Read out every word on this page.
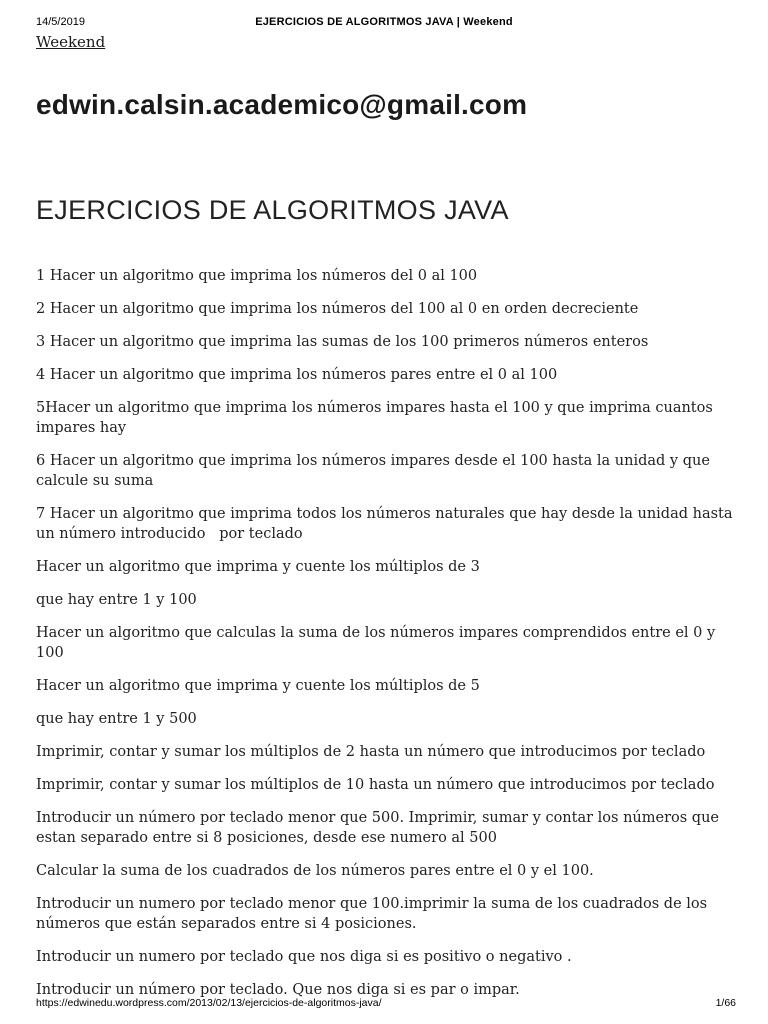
14/5/2019	EJERCICIOS DE ALGORITMOS JAVA | Weekend
Weekend
edwin.calsin.academico@gmail.com
EJERCICIOS DE ALGORITMOS JAVA

1 Hacer un algoritmo que imprima los números del 0 al 100

2 Hacer un algoritmo que imprima los números del 100 al 0 en orden decreciente

3 Hacer un algoritmo que imprima las sumas de los 100 primeros números enteros

4 Hacer un algoritmo que imprima los números pares entre el 0 al 100

5Hacer un algoritmo que imprima los números impares hasta el 100 y que imprima cuantos impares hay

6 Hacer un algoritmo que imprima los números impares desde el 100 hasta la unidad y que calcule su suma

7 Hacer un algoritmo que imprima todos los números naturales que hay desde la unidad hasta un número introducido   por teclado

Hacer un algoritmo que imprima y cuente los múltiplos de 3

que hay entre 1 y 100

Hacer un algoritmo que calculas la suma de los números impares comprendidos entre el 0 y 100

Hacer un algoritmo que imprima y cuente los múltiplos de 5

que hay entre 1 y 500

Imprimir, contar y sumar los múltiplos de 2 hasta un número que introducimos por teclado

Imprimir, contar y sumar los múltiplos de 10 hasta un número que introducimos por teclado

Introducir un número por teclado menor que 500. Imprimir, sumar y contar los números que estan separado entre si 8 posiciones, desde ese numero al 500

Calcular la suma de los cuadrados de los números pares entre el 0 y el 100.

Introducir un numero por teclado menor que 100.imprimir la suma de los cuadrados de los números que están separados entre si 4 posiciones.

Introducir un numero por teclado que nos diga si es positivo o negativo .

Introducir un número por teclado. Que nos diga si es par o impar.

https://edwinedu.wordpress.com/2013/02/13/ejercicios-de-algoritmos-java/	1/66
